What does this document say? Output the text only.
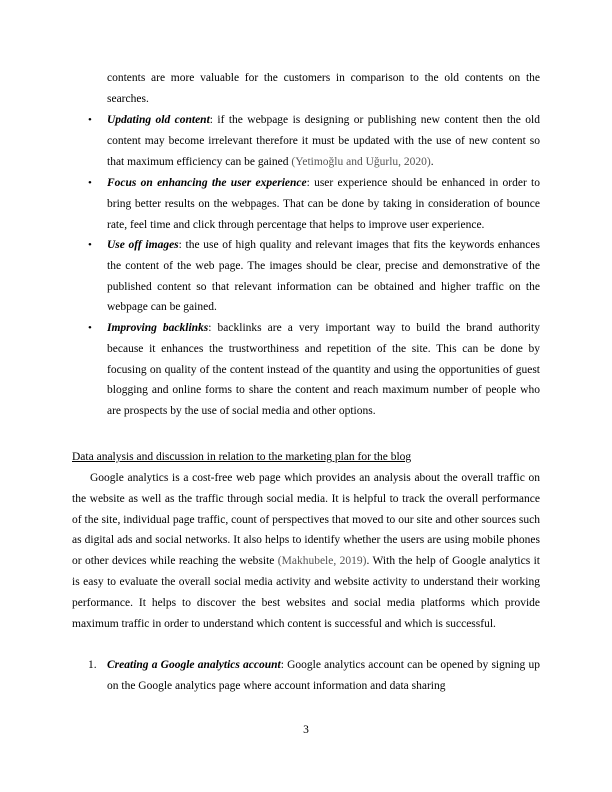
contents are more valuable for the customers in comparison to the old contents on the searches.
• Updating old content: if the webpage is designing or publishing new content then the old content may become irrelevant therefore it must be updated with the use of new content so that maximum efficiency can be gained (Yetimoğlu and Uğurlu, 2020).
• Focus on enhancing the user experience: user experience should be enhanced in order to bring better results on the webpages. That can be done by taking in consideration of bounce rate, feel time and click through percentage that helps to improve user experience.
• Use off images: the use of high quality and relevant images that fits the keywords enhances the content of the web page. The images should be clear, precise and demonstrative of the published content so that relevant information can be obtained and higher traffic on the webpage can be gained.
• Improving backlinks: backlinks are a very important way to build the brand authority because it enhances the trustworthiness and repetition of the site. This can be done by focusing on quality of the content instead of the quantity and using the opportunities of guest blogging and online forms to share the content and reach maximum number of people who are prospects by the use of social media and other options.
Data analysis and discussion in relation to the marketing plan for the blog
Google analytics is a cost-free web page which provides an analysis about the overall traffic on the website as well as the traffic through social media. It is helpful to track the overall performance of the site, individual page traffic, count of perspectives that moved to our site and other sources such as digital ads and social networks. It also helps to identify whether the users are using mobile phones or other devices while reaching the website (Makhubele, 2019). With the help of Google analytics it is easy to evaluate the overall social media activity and website activity to understand their working performance. It helps to discover the best websites and social media platforms which provide maximum traffic in order to understand which content is successful and which is successful.
1. Creating a Google analytics account: Google analytics account can be opened by signing up on the Google analytics page where account information and data sharing
3
